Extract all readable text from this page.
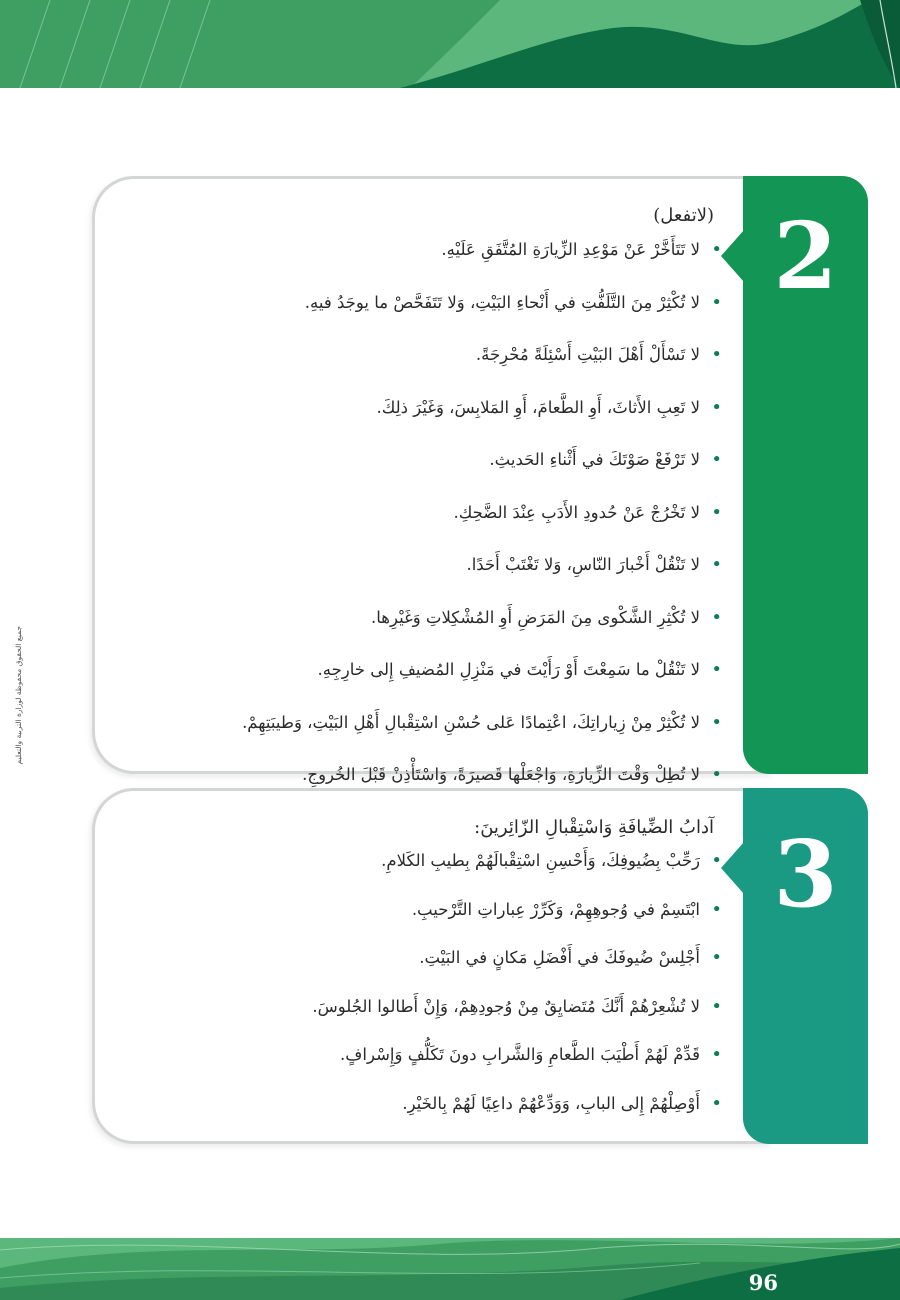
جميع الحقوق محفوظة لوزارة التربية والتعليم
2
(لاتفعل)
• لا تَتَأَخَّرْ عَنْ مَوْعِدِ الزِّيارَةِ المُتَّفَقِ عَلَيْهِ.
• لا تُكْثِرْ مِنَ التَّلَفُّتِ في أَنْحاءِ البَيْتِ، وَلا تَتَفَحَّصْ ما يوجَدُ فيهِ.
• لا تَسْأَلْ أَهْلَ البَيْتِ أَسْئِلَةً مُحْرِجَةً.
• لا تَعِبِ الأَثاثَ، أَوِ الطَّعامَ، أَوِ المَلابِسَ، وَغَيْرَ ذلِكَ.
• لا تَرْفَعْ صَوْتَكَ في أَثْناءِ الحَديثِ.
• لا تَخْرُجْ عَنْ حُدودِ الأَدَبِ عِنْدَ الضَّحِكِ.
• لا تَنْقُلْ أَخْبارَ النّاسِ، وَلا تَغْتَبْ أَحَدًا.
• لا تُكْثِرِ الشَّكْوى مِنَ المَرَضِ أَوِ المُشْكِلاتِ وَغَيْرِها.
• لا تَنْقُلْ ما سَمِعْتَ أَوْ رَأَيْتَ في مَنْزِلِ المُضيفِ إِلى خارِجِهِ.
• لا تُكْثِرْ مِنْ زِياراتِكَ، اعْتِمادًا عَلى حُسْنِ اسْتِقْبالِ أَهْلِ البَيْتِ، وَطيبَتِهِمْ.
• لا تُطِلْ وَقْتَ الزِّيارَةِ، وَاجْعَلْها قَصيرَةً، وَاسْتَأْذِنْ قَبْلَ الخُروجِ.
3
آدابُ الضِّيافَةِ وَاسْتِقْبالِ الزّائِرينَ:
• رَحِّبْ بِضُيوفِكَ، وَأَحْسِنِ اسْتِقْبالَهُمْ بِطيبِ الكَلامِ.
• ابْتَسِمْ في وُجوهِهِمْ، وَكَرِّرْ عِباراتِ التَّرْحيبِ.
• أَجْلِسْ ضُيوفَكَ في أَفْضَلِ مَكانٍ في البَيْتِ.
• لا تُشْعِرْهُمْ أَنَّكَ مُتَضايِقٌ مِنْ وُجودِهِمْ، وَإِنْ أَطالوا الجُلوسَ.
• قَدِّمْ لَهُمْ أَطْيَبَ الطَّعامِ وَالشَّرابِ دونَ تَكَلُّفٍ وَإِسْرافٍ.
• أَوْصِلْهُمْ إِلى البابِ، وَوَدِّعْهُمْ داعِيًا لَهُمْ بِالخَيْرِ.
96
